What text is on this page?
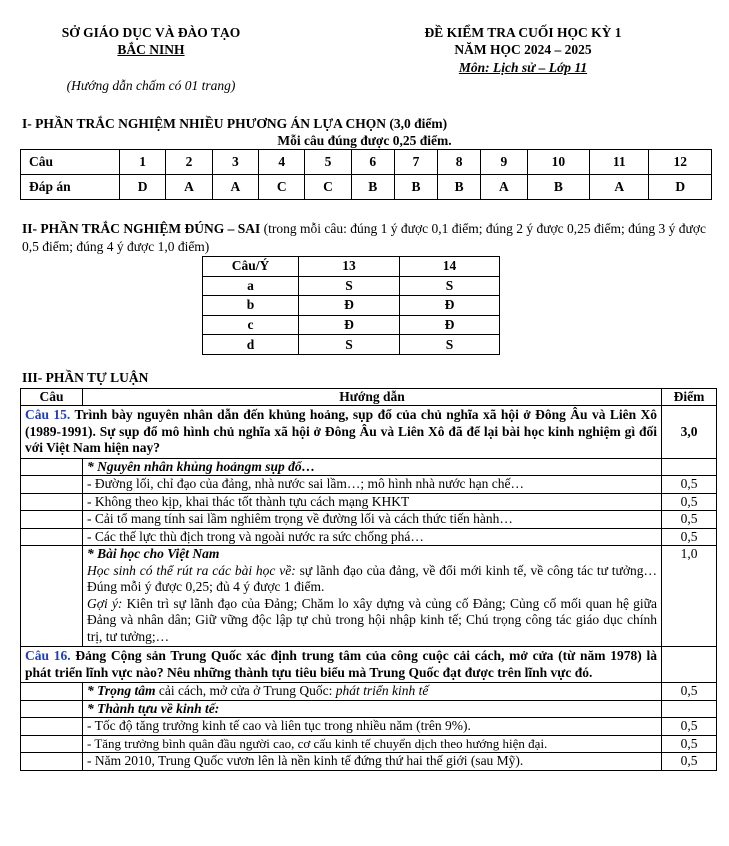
SỞ GIÁO DỤC VÀ ĐÀO TẠO
BẮC NINH
ĐỀ KIỂM TRA CUỐI HỌC KỲ 1
NĂM HỌC 2024 – 2025
Môn: Lịch sử – Lớp 11
(Hướng dẫn chấm có 01 trang)
I- PHẦN TRẮC NGHIỆM NHIỀU PHƯƠNG ÁN LỰA CHỌN (3,0 điểm)
Mỗi câu đúng được 0,25 điểm.
Câu	1	2	3	4	5	6	7	8	9	10	11	12
Đáp án	D	A	A	C	C	B	B	B	A	B	A	D
II- PHẦN TRẮC NGHIỆM ĐÚNG – SAI (trong mỗi câu: đúng 1 ý được 0,1 điểm; đúng 2 ý được 0,25 điểm; đúng 3 ý được 0,5 điểm; đúng 4 ý được 1,0 điểm)
Câu/Ý	13	14
a	S	S
b	Đ	Đ
c	Đ	Đ
d	S	S
III- PHẦN TỰ LUẬN
Câu	Hướng dẫn	Điểm
Câu 15. Trình bày nguyên nhân dẫn đến khủng hoảng, sụp đổ của chủ nghĩa xã hội ở Đông Âu và Liên Xô (1989-1991). Sự sụp đổ mô hình chủ nghĩa xã hội ở Đông Âu và Liên Xô đã để lại bài học kinh nghiệm gì đối với Việt Nam hiện nay?		3,0
	* Nguyên nhân khủng hoảngm sụp đổ…	
	- Đường lối, chỉ đạo của đảng, nhà nước sai lầm…; mô hình nhà nước hạn chế…	0,5
	- Không theo kịp, khai thác tốt thành tựu cách mạng KHKT	0,5
	- Cải tổ mang tính sai lầm nghiêm trọng về đường lối và cách thức tiến hành…	0,5
	- Các thế lực thù địch trong và ngoài nước ra sức chống phá…	0,5

	* Bài học cho Việt Nam
Học sinh có thể rút ra các bài học về: sự lãnh đạo của đảng, về đổi mới kinh tế, về công tác tư tưởng… Đúng mỗi ý được 0,25; đủ 4 ý được 1 điểm.
Gợi ý: Kiên trì sự lãnh đạo của Đảng; Chăm lo xây dựng và củng cố Đảng; Củng cố mối quan hệ giữa Đảng và nhân dân; Giữ vững độc lập tự chủ trong hội nhập kinh tế; Chú trọng công tác giáo dục chính trị, tư tưởng;…	1,0
Câu 16. Đảng Cộng sản Trung Quốc xác định trung tâm của công cuộc cải cách, mở cửa (từ năm 1978) là phát triển lĩnh vực nào? Nêu những thành tựu tiêu biểu mà Trung Quốc đạt được trên lĩnh vực đó.		
	* Trọng tâm cải cách, mở cửa ở Trung Quốc: phát triển kinh tế	0,5
	* Thành tựu về kinh tế:	
	- Tốc độ tăng trưởng kinh tế cao và liên tục trong nhiều năm (trên 9%).	0,5
	- Tăng trưởng bình quân đầu người cao, cơ cấu kinh tế chuyển dịch theo hướng hiện đại.	0,5
	- Năm 2010, Trung Quốc vươn lên là nền kinh tế đứng thứ hai thế giới (sau Mỹ).	0,5
